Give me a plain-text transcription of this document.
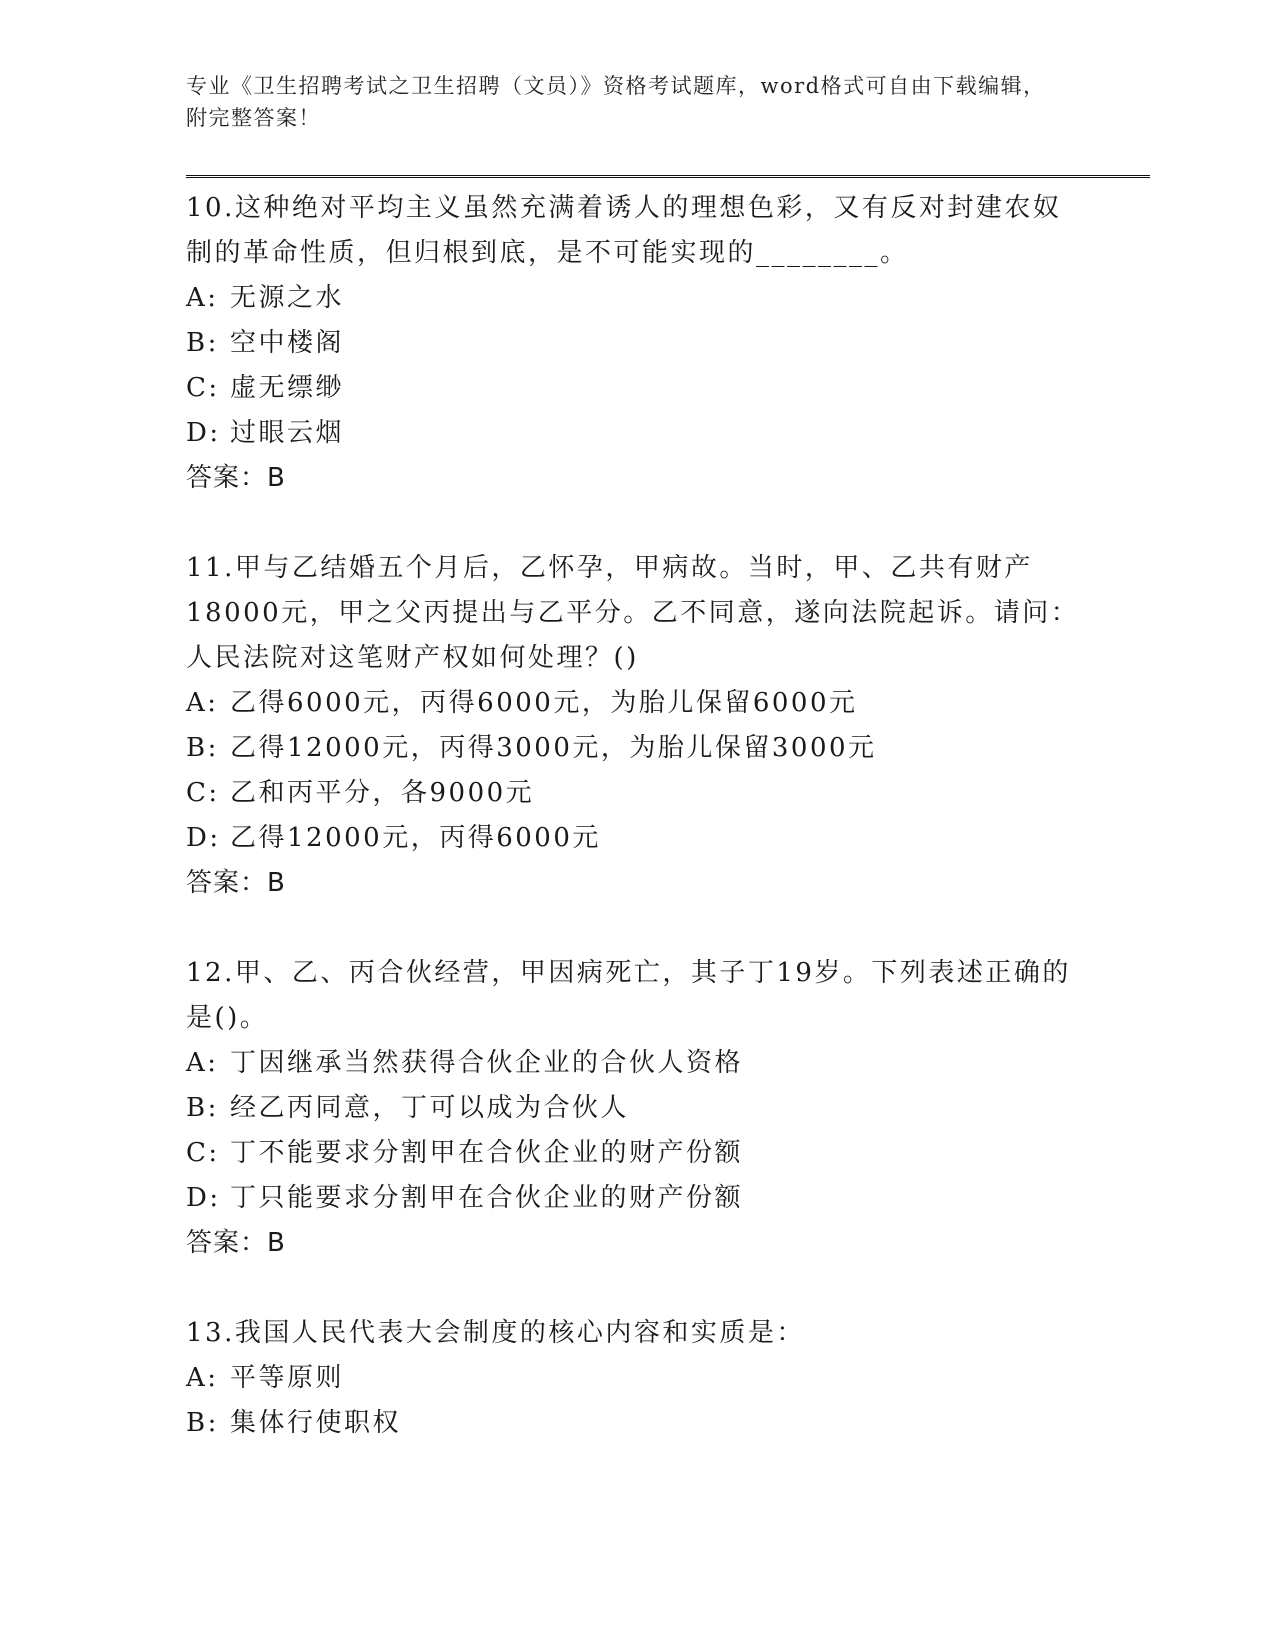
专业《卫生招聘考试之卫生招聘（文员）》资格考试题库，word格式可自由下载编辑，附完整答案！
10.这种绝对平均主义虽然充满着诱人的理想色彩，又有反对封建农奴制的革命性质，但归根到底，是不可能实现的________。
A: 无源之水
B: 空中楼阁
C: 虚无缥缈
D: 过眼云烟
答案：B
11.甲与乙结婚五个月后，乙怀孕，甲病故。当时，甲、乙共有财产18000元，甲之父丙提出与乙平分。乙不同意，遂向法院起诉。请问：人民法院对这笔财产权如何处理？()
A: 乙得6000元，丙得6000元，为胎儿保留6000元
B: 乙得12000元，丙得3000元，为胎儿保留3000元
C: 乙和丙平分，各9000元
D: 乙得12000元，丙得6000元
答案：B
12.甲、乙、丙合伙经营，甲因病死亡，其子丁19岁。下列表述正确的是()。
A: 丁因继承当然获得合伙企业的合伙人资格
B: 经乙丙同意，丁可以成为合伙人
C: 丁不能要求分割甲在合伙企业的财产份额
D: 丁只能要求分割甲在合伙企业的财产份额
答案：B
13.我国人民代表大会制度的核心内容和实质是：
A: 平等原则
B: 集体行使职权
